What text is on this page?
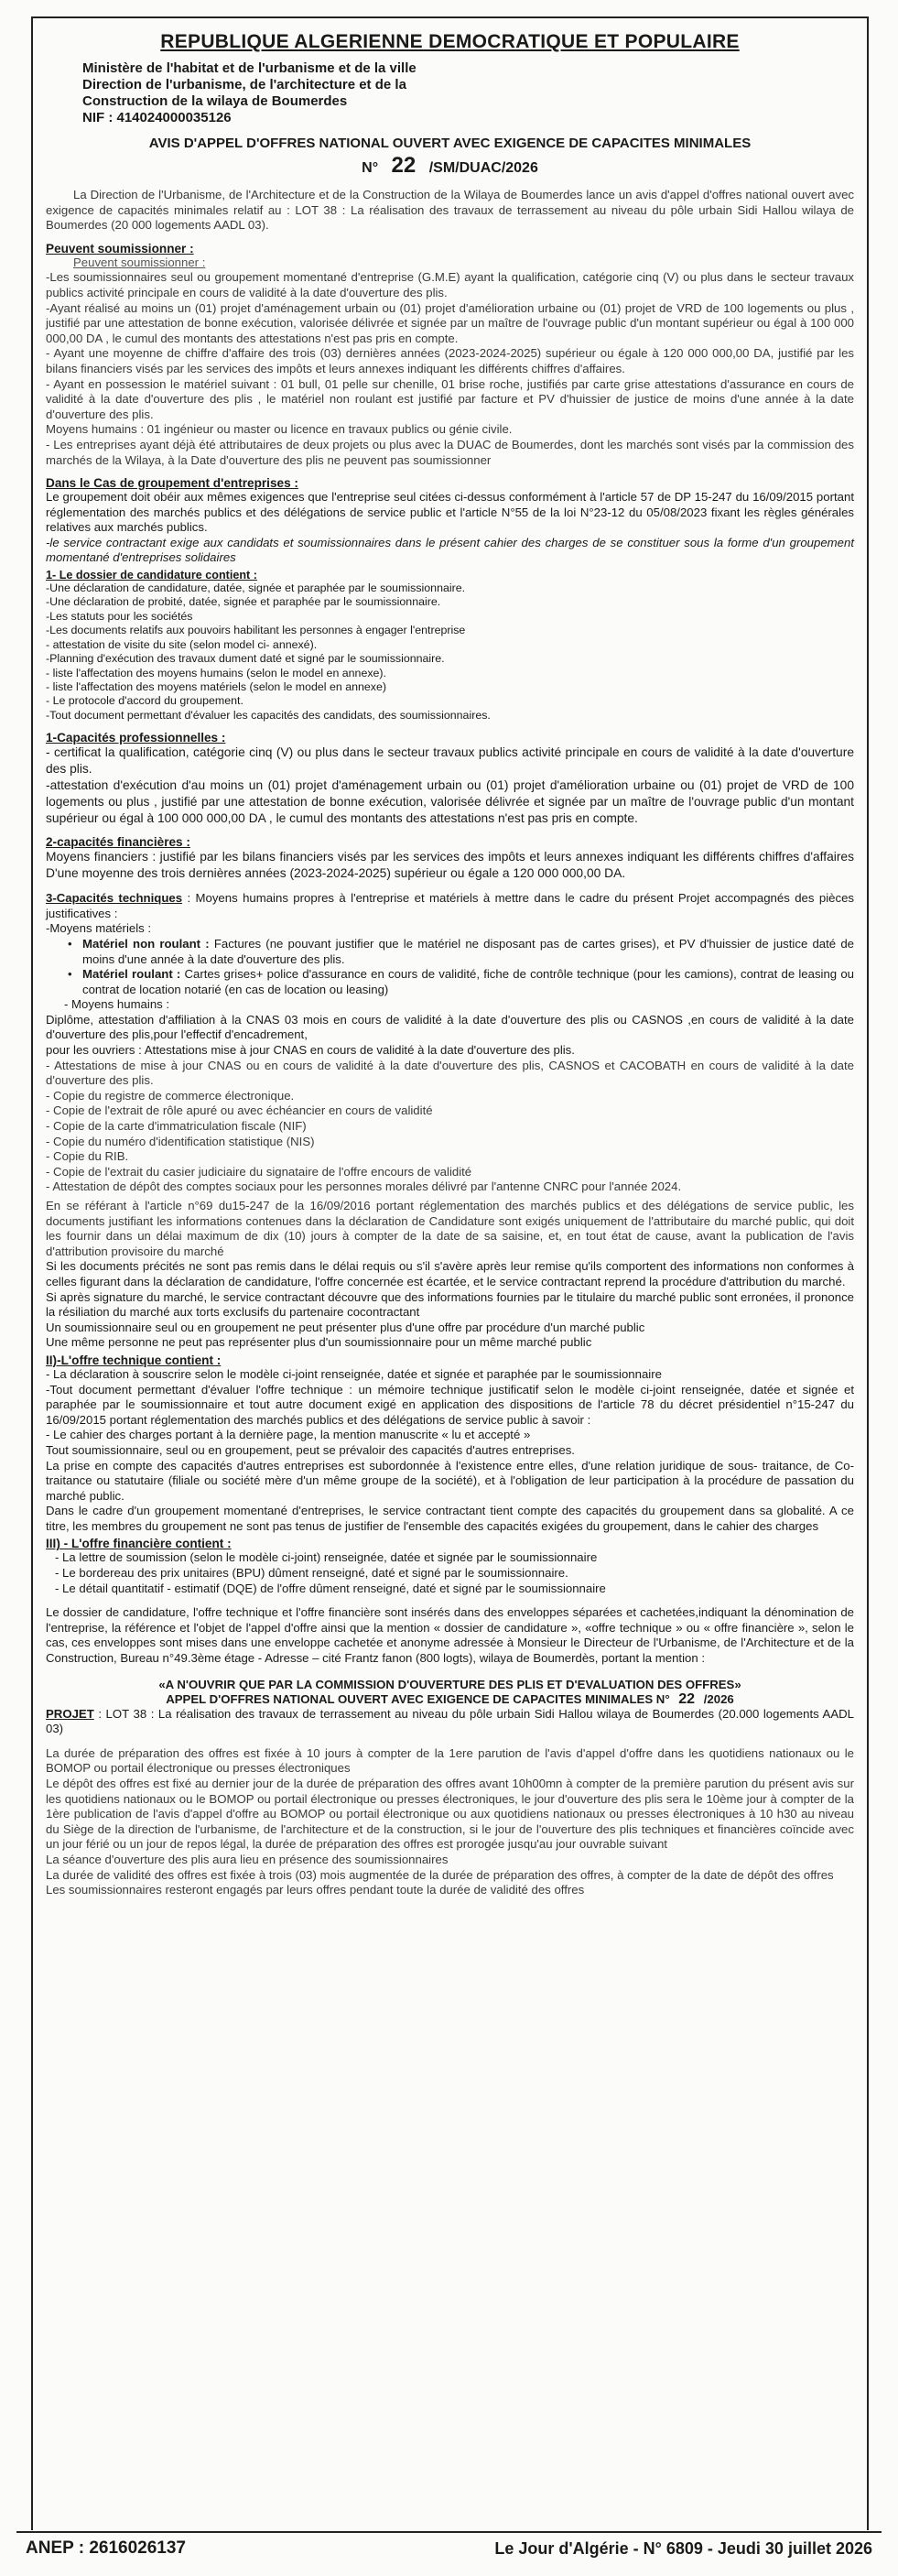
REPUBLIQUE ALGERIENNE DEMOCRATIQUE ET POPULAIRE
Ministère de l'habitat et de l'urbanisme et de la ville
Direction de l'urbanisme, de l'architecture et de la
Construction de la wilaya de Boumerdes
NIF : 414024000035126
AVIS D'APPEL D'OFFRES NATIONAL OUVERT AVEC EXIGENCE DE CAPACITES MINIMALES
N° 22 /SM/DUAC/2026

La Direction de l'Urbanisme, de l'Architecture et de la Construction de la Wilaya de Boumerdes lance un avis d'appel d'offres national ouvert avec exigence de capacités minimales relatif au : LOT 38 : La réalisation des travaux de terrassement au niveau du pôle urbain Sidi Hallou wilaya de Boumerdes (20 000 logements AADL 03).

Peuvent soumissionner :
Peuvent soumissionner :

-Les soumissionnaires seul ou groupement momentané d'entreprise (G.M.E) ayant la qualification, catégorie cinq (V) ou plus dans le secteur travaux publics activité principale en cours de validité à la date d'ouverture des plis.

-Ayant réalisé au moins un (01) projet d'aménagement urbain ou (01) projet d'amélioration urbaine ou (01) projet de VRD de 100 logements ou plus , justifié par une attestation de bonne exécution, valorisée délivrée et signée par un maître de l'ouvrage public d'un montant supérieur ou égal à 100 000 000,00 DA , le cumul des montants des attestations n'est pas pris en compte.

- Ayant une moyenne de chiffre d'affaire des trois (03) dernières années (2023-2024-2025) supérieur ou égale à 120 000 000,00 DA, justifié par les bilans financiers visés par les services des impôts et leurs annexes indiquant les différents chiffres d'affaires.

- Ayant en possession le matériel suivant : 01 bull, 01 pelle sur chenille, 01 brise roche, justifiés par carte grise attestations d'assurance en cours de validité à la date d'ouverture des plis , le matériel non roulant est justifié par facture et PV d'huissier de justice de moins d'une année à la date d'ouverture des plis.

Moyens humains : 01 ingénieur ou master ou licence en travaux publics ou génie civile.

- Les entreprises ayant déjà été attributaires de deux projets ou plus avec la DUAC de Boumerdes, dont les marchés sont visés par la commission des marchés de la Wilaya, à la Date d'ouverture des plis ne peuvent pas soumissionner

Dans le Cas de groupement d'entreprises :

Le groupement doit obéir aux mêmes exigences que l'entreprise seul citées ci-dessus conformément à l'article 57 de DP 15-247 du 16/09/2015 portant réglementation des marchés publics et des délégations de service public et l'article N°55 de la loi N°23-12 du 05/08/2023 fixant les règles générales relatives aux marchés publics.

-le service contractant exige aux candidats et soumissionnaires dans le présent cahier des charges de se constituer sous la forme d'un groupement momentané d'entreprises solidaires

1- Le dossier de candidature contient :
-Une déclaration de candidature, datée, signée et paraphée par le soumissionnaire.
-Une déclaration de probité, datée, signée et paraphée par le soumissionnaire.
-Les statuts pour les sociétés
-Les documents relatifs aux pouvoirs habilitant les personnes à engager l'entreprise
- attestation de visite du site (selon model ci- annexé).
-Planning d'exécution des travaux dument daté et signé par le soumissionnaire.
- liste l'affectation des moyens humains (selon le model en annexe).
- liste l'affectation des moyens matériels (selon le model en annexe)
- Le protocole d'accord du groupement.
-Tout document permettant d'évaluer les capacités des candidats, des soumissionnaires.
1-Capacités professionnelles :

- certificat la qualification, catégorie cinq (V) ou plus dans le secteur travaux publics activité principale en cours de validité à la date d'ouverture des plis.

-attestation d'exécution d'au moins un (01) projet d'aménagement urbain ou (01) projet d'amélioration urbaine ou (01) projet de VRD de 100 logements ou plus , justifié par une attestation de bonne exécution, valorisée délivrée et signée par un maître de l'ouvrage public d'un montant supérieur ou égal à 100 000 000,00 DA , le cumul des montants des attestations n'est pas pris en compte.

2-capacités financières :

Moyens financiers : justifié par les bilans financiers visés par les services des impôts et leurs annexes indiquant les différents chiffres d'affaires D'une moyenne des trois dernières années (2023-2024-2025) supérieur ou égale a 120 000 000,00 DA.

3-Capacités techniques : Moyens humains propres à l'entreprise et matériels à mettre dans le cadre du présent Projet accompagnés des pièces justificatives :

-Moyens matériels :

• Matériel non roulant : Factures (ne pouvant justifier que le matériel ne disposant pas de cartes grises), et PV d'huissier de justice daté de moins d'une année à la date d'ouverture des plis.

• Matériel roulant : Cartes grises+ police d'assurance en cours de validité, fiche de contrôle technique (pour les camions), contrat de leasing ou contrat de location notarié (en cas de location ou leasing)

- Moyens humains :

Diplôme, attestation d'affiliation à la CNAS 03 mois en cours de validité à la date d'ouverture des plis ou CASNOS ,en cours de validité à la date d'ouverture des plis,pour l'effectif d'encadrement,

pour les ouvriers : Attestations mise à jour CNAS en cours de validité à la date d'ouverture des plis.

- Attestations de mise à jour CNAS ou en cours de validité à la date d'ouverture des plis, CASNOS et CACOBATH en cours de validité à la date d'ouverture des plis.

- Copie du registre de commerce électronique.
- Copie de l'extrait de rôle apuré ou avec échéancier en cours de validité
- Copie de la carte d'immatriculation fiscale (NIF)
- Copie du numéro d'identification statistique (NIS)
- Copie du RIB.
- Copie de l'extrait du casier judiciaire du signataire de l'offre encours de validité

- Attestation de dépôt des comptes sociaux pour les personnes morales délivré par l'antenne CNRC pour l'année 2024.

En se référant à l'article n°69 du15-247 de la 16/09/2016 portant réglementation des marchés publics et des délégations de service public, les documents justifiant les informations contenues dans la déclaration de Candidature sont exigés uniquement de l'attributaire du marché public, qui doit les fournir dans un délai maximum de dix (10) jours à compter de la date de sa saisine, et, en tout état de cause, avant la publication de l'avis d'attribution provisoire du marché

Si les documents précités ne sont pas remis dans le délai requis ou s'il s'avère après leur remise qu'ils comportent des informations non conformes à celles figurant dans la déclaration de candidature, l'offre concernée est écartée, et le service contractant reprend la procédure d'attribution du marché.

Si après signature du marché, le service contractant découvre que des informations fournies par le titulaire du marché public sont erronées, il prononce la résiliation du marché aux torts exclusifs du partenaire cocontractant

Un soumissionnaire seul ou en groupement ne peut présenter plus d'une offre par procédure d'un marché public

Une même personne ne peut pas représenter plus d'un soumissionnaire pour un même marché public

II)-L'offre technique contient :

- La déclaration à souscrire selon le modèle ci-joint renseignée, datée et signée et paraphée par le soumissionnaire

-Tout document permettant d'évaluer l'offre technique : un mémoire technique justificatif selon le modèle ci-joint renseignée, datée et signée et paraphée par le soumissionnaire et tout autre document exigé en application des dispositions de l'article 78 du décret présidentiel n°15-247 du 16/09/2015 portant réglementation des marchés publics et des délégations de service public à savoir :

- Le cahier des charges portant à la dernière page, la mention manuscrite « lu et accepté »

Tout soumissionnaire, seul ou en groupement, peut se prévaloir des capacités d'autres entreprises.

La prise en compte des capacités d'autres entreprises est subordonnée à l'existence entre elles, d'une relation juridique de sous- traitance, de Co-traitance ou statutaire (filiale ou société mère d'un même groupe de la société), et à l'obligation de leur participation à la procédure de passation du marché public.

Dans le cadre d'un groupement momentané d'entreprises, le service contractant tient compte des capacités du groupement dans sa globalité. A ce titre, les membres du groupement ne sont pas tenus de justifier de l'ensemble des capacités exigées du groupement, dans le cahier des charges

III) - L'offre financière contient :
- La lettre de soumission (selon le modèle ci-joint) renseignée, datée et signée par le soumissionnaire
- Le bordereau des prix unitaires (BPU) dûment renseigné, daté et signé par le soumissionnaire.
- Le détail quantitatif - estimatif (DQE) de l'offre dûment renseigné, daté et signé par le soumissionnaire

Le dossier de candidature, l'offre technique et l'offre financière sont insérés dans des enveloppes séparées et cachetées,indiquant la dénomination de l'entreprise, la référence et l'objet de l'appel d'offre ainsi que la mention « dossier de candidature », «offre technique » ou « offre financière », selon le cas, ces enveloppes sont mises dans une enveloppe cachetée et anonyme adressée à Monsieur le Directeur de l'Urbanisme, de l'Architecture et de la Construction, Bureau n°49.3ème étage - Adresse – cité Frantz fanon (800 logts), wilaya de Boumerdès, portant la mention :

«A N'OUVRIR QUE PAR LA COMMISSION D'OUVERTURE DES PLIS ET D'EVALUATION DES OFFRES»
APPEL D'OFFRES NATIONAL OUVERT AVEC EXIGENCE DE CAPACITES MINIMALES N° 22 /2026

PROJET : LOT 38 : La réalisation des travaux de terrassement au niveau du pôle urbain Sidi Hallou wilaya de Boumerdes (20.000 logements AADL 03)

La durée de préparation des offres est fixée à 10 jours à compter de la 1ere parution de l'avis d'appel d'offre dans les quotidiens nationaux ou le BOMOP ou portail électronique ou presses électroniques

Le dépôt des offres est fixé au dernier jour de la durée de préparation des offres avant 10h00mn à compter de la première parution du présent avis sur les quotidiens nationaux ou le BOMOP ou portail électronique ou presses électroniques, le jour d'ouverture des plis sera le 10ème jour à compter de la 1ère publication de l'avis d'appel d'offre au BOMOP ou portail électronique ou aux quotidiens nationaux ou presses électroniques à 10 h30 au niveau du Siège de la direction de l'urbanisme, de l'architecture et de la construction, si le jour de l'ouverture des plis techniques et financières coïncide avec un jour férié ou un jour de repos légal, la durée de préparation des offres est prorogée jusqu'au jour ouvrable suivant

La séance d'ouverture des plis aura lieu en présence des soumissionnaires

La durée de validité des offres est fixée à trois (03) mois augmentée de la durée de préparation des offres, à compter de la date de dépôt des offres

Les soumissionnaires resteront engagés par leurs offres pendant toute la durée de validité des offres

ANEP : 2616026137	Le Jour d'Algérie - N° 6809 - Jeudi 30 juillet 2026
